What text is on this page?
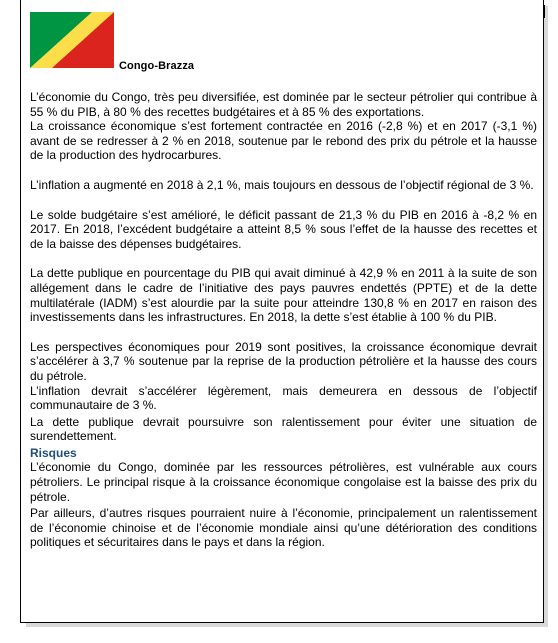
Congo-Brazza

L’économie du Congo, très peu diversifiée, est dominée par le secteur pétrolier qui contribue à 55 % du PIB, à 80 % des recettes budgétaires et à 85 % des exportations.

La croissance économique s’est fortement contractée en 2016 (-2,8 %) et en 2017 (-3,1 %) avant de se redresser à 2 % en 2018, soutenue par le rebond des prix du pétrole et la hausse de la production des hydrocarbures.

L’inflation a augmenté en 2018 à 2,1 %, mais toujours en dessous de l’objectif régional de 3 %.

Le solde budgétaire s’est amélioré, le déficit passant de 21,3 % du PIB en 2016 à -8,2 % en 2017. En 2018, l’excédent budgétaire a atteint 8,5 % sous l’effet de la hausse des recettes et de la baisse des dépenses budgétaires.

La dette publique en pourcentage du PIB qui avait diminué à 42,9 % en 2011 à la suite de son allégement dans le cadre de l’initiative des pays pauvres endettés (PPTE) et de la dette multilatérale (IADM) s’est alourdie par la suite pour atteindre 130,8 % en 2017 en raison des investissements dans les infrastructures. En 2018, la dette s’est établie à 100 % du PIB.

Les perspectives économiques pour 2019 sont positives, la croissance économique devrait s’accélérer à 3,7 % soutenue par la reprise de la production pétrolière et la hausse des cours du pétrole.

L’inflation devrait s’accélérer légèrement, mais demeurera en dessous de l’objectif communautaire de 3 %.

La dette publique devrait poursuivre son ralentissement pour éviter une situation de surendettement.

Risques

L’économie du Congo, dominée par les ressources pétrolières, est vulnérable aux cours pétroliers. Le principal risque à la croissance économique congolaise est la baisse des prix du pétrole.

Par ailleurs, d’autres risques pourraient nuire à l’économie, principalement un ralentissement de l’économie chinoise et de l’économie mondiale ainsi qu’une détérioration des conditions politiques et sécuritaires dans le pays et dans la région.
